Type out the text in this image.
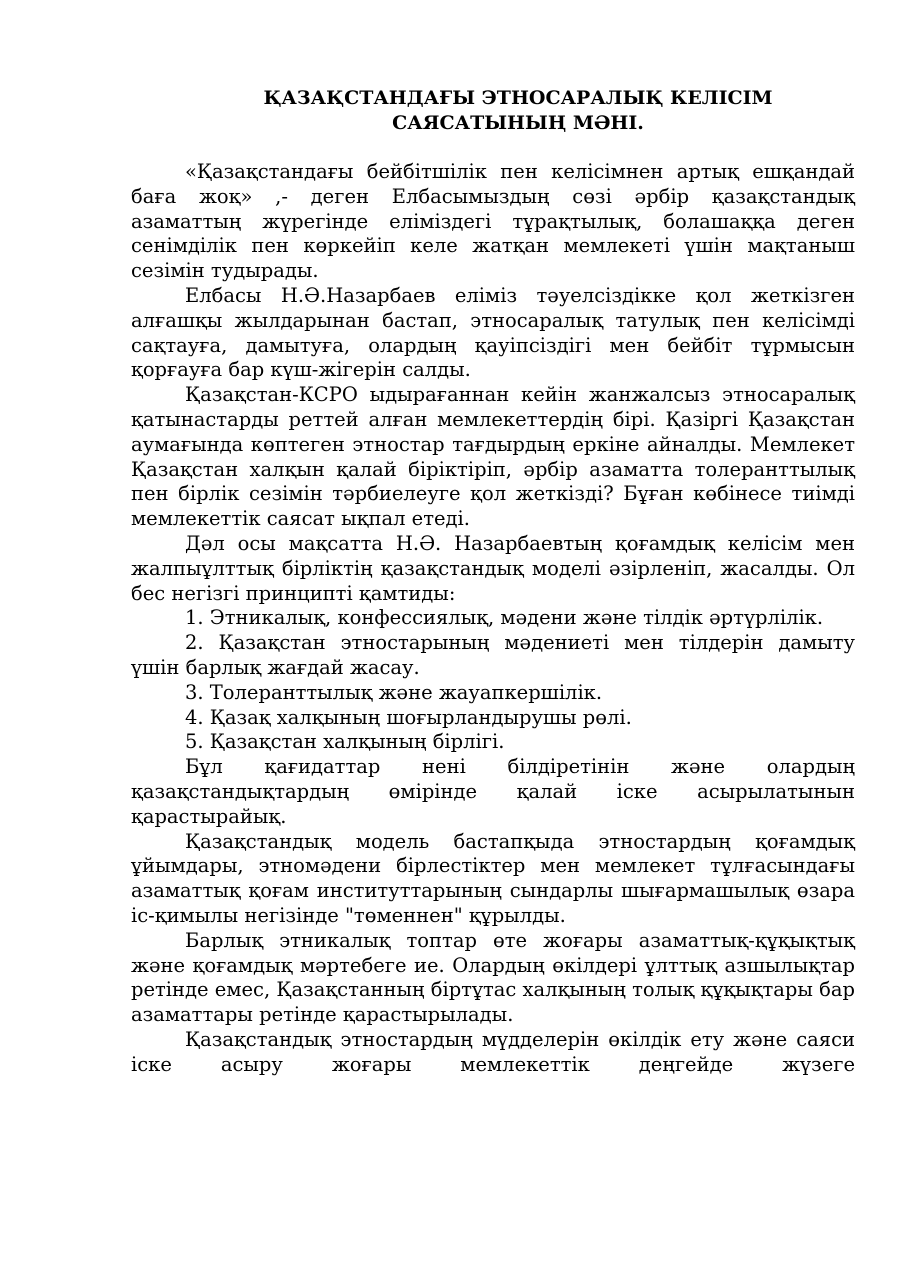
ҚАЗАҚСТАНДАҒЫ ЭТНОСАРАЛЫҚ КЕЛІСІМ
САЯСАТЫНЫҢ МӘНІ.

«Қазақстандағы бейбітшілік пен келісімнен артық ешқандай баға жоқ» ,- деген Елбасымыздың сөзі әрбір қазақстандық азаматтың жүрегінде елімiздегі тұрақтылық, болашаққа деген сенімділік пен көркейіп келе жатқан мемлекеті үшін мақтаныш сезімін тудырады.

Елбасы Н.Ә.Назарбаев еліміз тәуелсіздікке қол жеткізген алғашқы жылдарынан бастап, этносаралық татулық пен келісімді сақтауға, дамытуға, олардың қауіпсіздігі мен бейбіт тұрмысын қорғауға бар күш-жігерін салды.

Қазақстан-КСРО ыдырағаннан кейін жанжалсыз этносаралық қатынастарды реттей алған мемлекеттердің бірі. Қазіргі Қазақстан аумағында көптеген этностар тағдырдың еркіне айналды. Мемлекет Қазақстан халқын қалай біріктіріп, әрбір азаматта толеранттылық пен бірлік сезімін тәрбиелеуге қол жеткізді? Бұған көбінесе тиімді мемлекеттік саясат ықпал етеді.

Дәл осы мақсатта Н.Ә. Назарбаевтың қоғамдық келісім мен жалпыұлттық бірліктің қазақстандық моделі әзірленіп, жасалды. Ол бес негізгі принципті қамтиды:

1. Этникалық, конфессиялық, мәдени және тілдік әртүрлілік.

2. Қазақстан этностарының мәдениеті мен тілдерін дамыту үшін барлық жағдай жасау.

3. Толеранттылық және жауапкершілік.

4. Қазақ халқының шоғырландырушы рөлі.

5. Қазақстан халқының бірлігі.

Бұл қағидаттар нені білдіретінін және олардың қазақстандықтардың өмірінде қалай іске асырылатынын қарастырайық.

Қазақстандық модель бастапқыда этностардың қоғамдық ұйымдары, этномәдени бірлестіктер мен мемлекет тұлғасындағы азаматтық қоғам институттарының сындарлы шығармашылық өзара іс-қимылы негізінде "төменнен" құрылды.

Барлық этникалық топтар өте жоғары азаматтық-құқықтық және қоғамдық мәртебеге ие. Олардың өкілдері ұлттық азшылықтар ретінде емес, Қазақстанның біртұтас халқының толық құқықтары бар азаматтары ретінде қарастырылады.

Қазақстандық этностардың мүдделерін өкілдік ету және саяси іске асыру жоғары мемлекеттік деңгейде жүзеге
